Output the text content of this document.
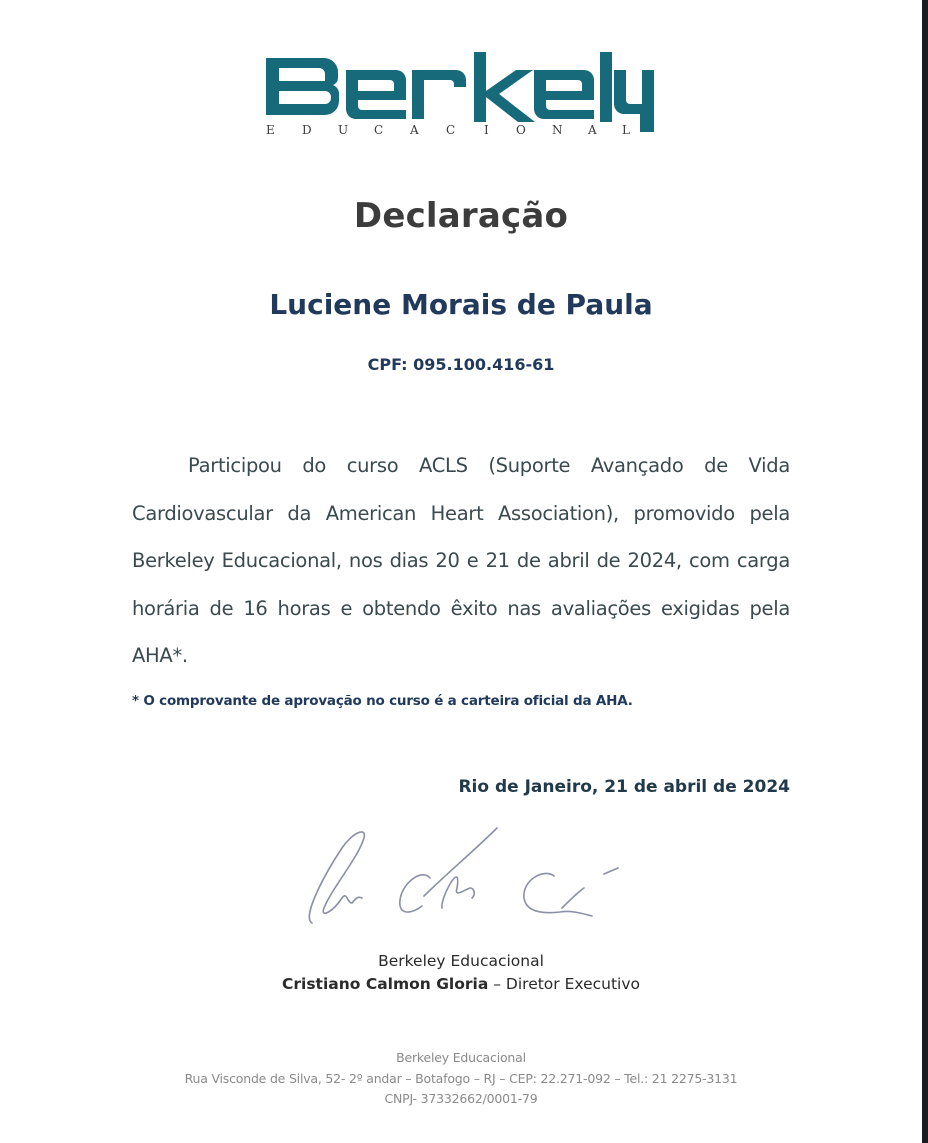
E D U C A C I O N A L
Declaração
Luciene Morais de Paula
CPF: 095.100.416-61
Participou do curso ACLS (Suporte Avançado de Vida Cardiovascular da American Heart Association), promovido pela Berkeley Educacional, nos dias 20 e 21 de abril de 2024, com carga horária de 16 horas e obtendo êxito nas avaliações exigidas pela AHA*.
* O comprovante de aprovação no curso é a carteira oficial da AHA.
Rio de Janeiro, 21 de abril de 2024
Berkeley Educacional
Cristiano Calmon Gloria – Diretor Executivo
Berkeley Educacional
Rua Visconde de Silva, 52- 2º andar – Botafogo – RJ – CEP: 22.271-092 – Tel.: 21 2275-3131
CNPJ- 37332662/0001-79
